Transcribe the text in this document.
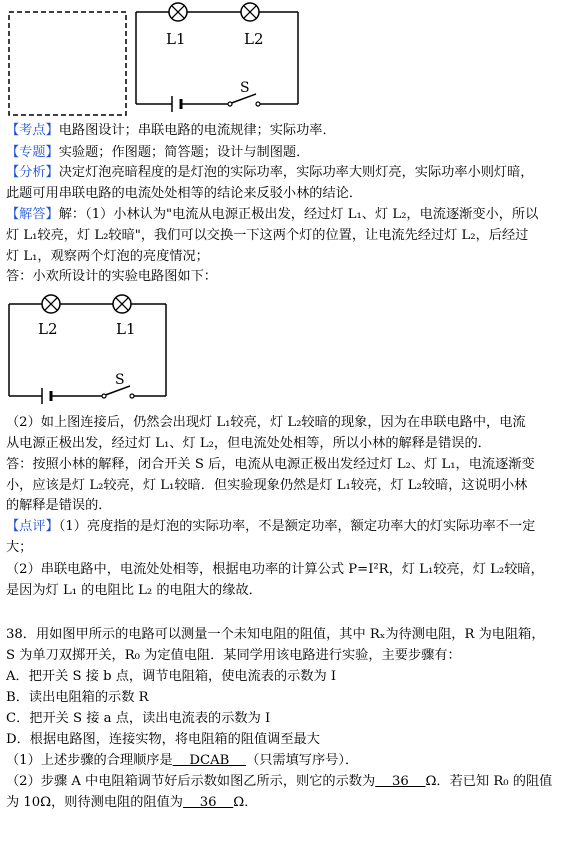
L1	L2
S
【考点】电路图设计；串联电路的电流规律；实际功率．
【专题】实验题；作图题；简答题；设计与制图题．
【分析】决定灯泡亮暗程度的是灯泡的实际功率，实际功率大则灯亮，实际功率小则灯暗，
此题可用串联电路的电流处处相等的结论来反驳小林的结论．
【解答】解：（1）小林认为"电流从电源正极出发，经过灯 L₁、灯 L₂，电流逐渐变小，所以
灯 L₁较亮，灯 L₂较暗"，我们可以交换一下这两个灯的位置，让电流先经过灯 L₂，后经过
灯 L₁，观察两个灯泡的亮度情况；
答：小欢所设计的实验电路图如下：
L2	L1
S
（2）如上图连接后，仍然会出现灯 L₁较亮，灯 L₂较暗的现象，因为在串联电路中，电流
从电源正极出发，经过灯 L₁、灯 L₂，但电流处处相等，所以小林的解释是错误的．
答：按照小林的解释，闭合开关 S 后，电流从电源正极出发经过灯 L₂、灯 L₁，电流逐渐变
小，应该是灯 L₂较亮，灯 L₁较暗．但实验现象仍然是灯 L₁较亮，灯 L₂较暗，这说明小林
的解释是错误的．
【点评】（1）亮度指的是灯泡的实际功率，不是额定功率，额定功率大的灯实际功率不一定
大；
（2）串联电路中，电流处处相等，根据电功率的计算公式 P=I²R，灯 L₁较亮，灯 L₂较暗，
是因为灯 L₁ 的电阻比 L₂ 的电阻大的缘故．
38．用如图甲所示的电路可以测量一个未知电阻的阻值，其中 Rₓ为待测电阻，R 为电阻箱，
S 为单刀双掷开关，R₀ 为定值电阻．某同学用该电路进行实验，主要步骤有：
A．把开关 S 接 b 点，调节电阻箱，使电流表的示数为 I
B．读出电阻箱的示数 R
C．把开关 S 接 a 点，读出电流表的示数为 I
D．根据电路图，连接实物，将电阻箱的阻值调至最大
（1）上述步骤的合理顺序是    DCAB    （只需填写序号）．
（2）步骤 A 中电阻箱调节好后示数如图乙所示，则它的示数为    36    Ω．若已知 R₀ 的阻值
为 10Ω，则待测电阻的阻值为    36    Ω．
